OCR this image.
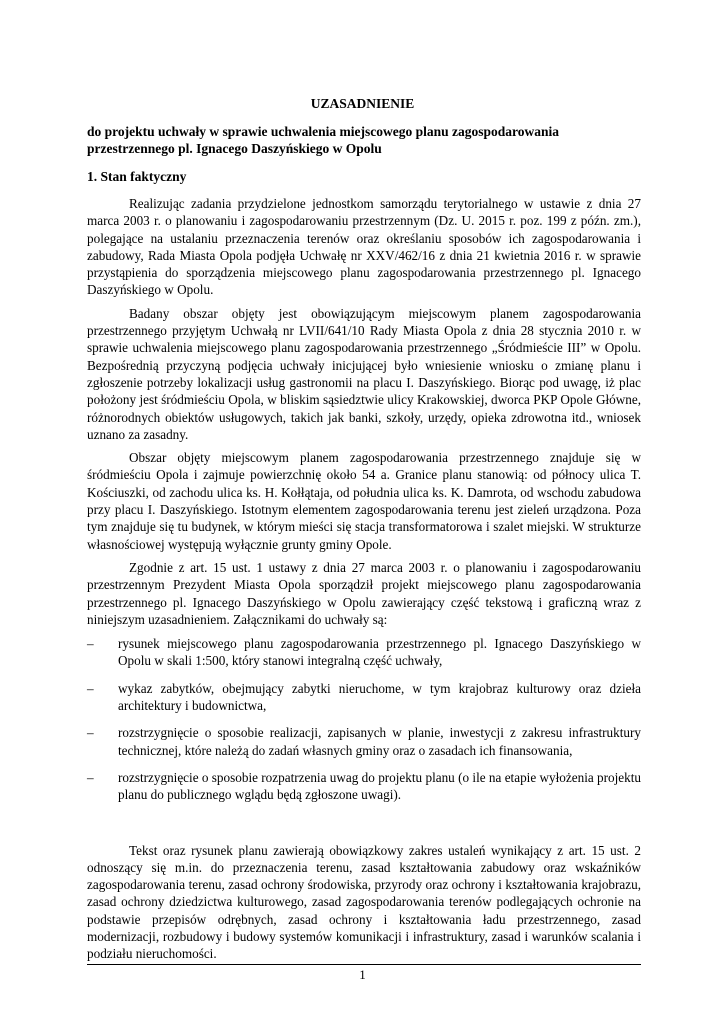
UZASADNIENIE
do projektu uchwały w sprawie uchwalenia miejscowego planu zagospodarowania przestrzennego pl. Ignacego Daszyńskiego w Opolu
1. Stan faktyczny

Realizując zadania przydzielone jednostkom samorządu terytorialnego w ustawie z dnia 27 marca 2003 r. o planowaniu i zagospodarowaniu przestrzennym (Dz. U. 2015 r. poz. 199 z późn. zm.), polegające na ustalaniu przeznaczenia terenów oraz określaniu sposobów ich zagospodarowania i zabudowy, Rada Miasta Opola podjęła Uchwałę nr XXV/462/16 z dnia 21 kwietnia 2016 r. w sprawie przystąpienia do sporządzenia miejscowego planu zagospodarowania przestrzennego pl. Ignacego Daszyńskiego w Opolu.

Badany obszar objęty jest obowiązującym miejscowym planem zagospodarowania przestrzennego przyjętym Uchwałą nr LVII/641/10 Rady Miasta Opola z dnia 28 stycznia 2010 r. w sprawie uchwalenia miejscowego planu zagospodarowania przestrzennego „Śródmieście III” w Opolu. Bezpośrednią przyczyną podjęcia uchwały inicjującej było wniesienie wniosku o zmianę planu i zgłoszenie potrzeby lokalizacji usług gastronomii na placu I. Daszyńskiego. Biorąc pod uwagę, iż plac położony jest śródmieściu Opola, w bliskim sąsiedztwie ulicy Krakowskiej, dworca PKP Opole Główne, różnorodnych obiektów usługowych, takich jak banki, szkoły, urzędy, opieka zdrowotna itd., wniosek uznano za zasadny.

Obszar objęty miejscowym planem zagospodarowania przestrzennego znajduje się w śródmieściu Opola i zajmuje powierzchnię około 54 a. Granice planu stanowią: od północy ulica T. Kościuszki, od zachodu ulica ks. H. Kołłątaja, od południa ulica ks. K. Damrota, od wschodu zabudowa przy placu I. Daszyńskiego. Istotnym elementem zagospodarowania terenu jest zieleń urządzona. Poza tym znajduje się tu budynek, w którym mieści się stacja transformatorowa i szalet miejski. W strukturze własnościowej występują wyłącznie grunty gminy Opole.

Zgodnie z art. 15 ust. 1 ustawy z dnia 27 marca 2003 r. o planowaniu i zagospodarowaniu przestrzennym Prezydent Miasta Opola sporządził projekt miejscowego planu zagospodarowania przestrzennego pl. Ignacego Daszyńskiego w Opolu zawierający część tekstową i graficzną wraz z niniejszym uzasadnieniem. Załącznikami do uchwały są:

– rysunek miejscowego planu zagospodarowania przestrzennego pl. Ignacego Daszyńskiego w Opolu w skali 1:500, który stanowi integralną część uchwały,
– wykaz zabytków, obejmujący zabytki nieruchome, w tym krajobraz kulturowy oraz dzieła architektury i budownictwa,
– rozstrzygnięcie o sposobie realizacji, zapisanych w planie, inwestycji z zakresu infrastruktury technicznej, które należą do zadań własnych gminy oraz o zasadach ich finansowania,
– rozstrzygnięcie o sposobie rozpatrzenia uwag do projektu planu (o ile na etapie wyłożenia projektu planu do publicznego wglądu będą zgłoszone uwagi).

Tekst oraz rysunek planu zawierają obowiązkowy zakres ustaleń wynikający z art. 15 ust. 2 odnoszący się m.in. do przeznaczenia terenu, zasad kształtowania zabudowy oraz wskaźników zagospodarowania terenu, zasad ochrony środowiska, przyrody oraz ochrony i kształtowania krajobrazu, zasad ochrony dziedzictwa kulturowego, zasad zagospodarowania terenów podlegających ochronie na podstawie przepisów odrębnych, zasad ochrony i kształtowania ładu przestrzennego, zasad modernizacji, rozbudowy i budowy systemów komunikacji i infrastruktury, zasad i warunków scalania i podziału nieruchomości.

1
